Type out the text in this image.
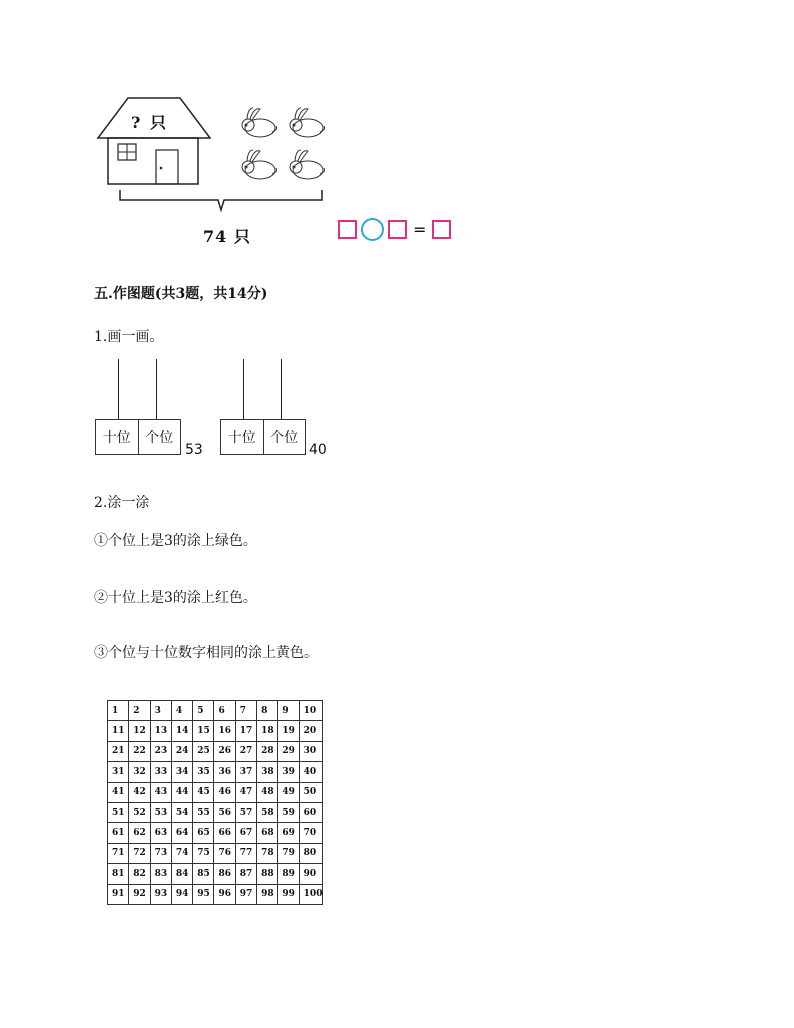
? 只
74 只	=
五.作图题(共3题，共14分)
1.画一画。
十位	个位
53
十位	个位
40
2.涂一涂
①个位上是3的涂上绿色。
②十位上是3的涂上红色。
③个位与十位数字相同的涂上黄色。
1	2	3	4	5	6	7	8	9	10
11	12	13	14	15	16	17	18	19	20
21	22	23	24	25	26	27	28	29	30
31	32	33	34	35	36	37	38	39	40
41	42	43	44	45	46	47	48	49	50
51	52	53	54	55	56	57	58	59	60
61	62	63	64	65	66	67	68	69	70
71	72	73	74	75	76	77	78	79	80
81	82	83	84	85	86	87	88	89	90
91	92	93	94	95	96	97	98	99	100
